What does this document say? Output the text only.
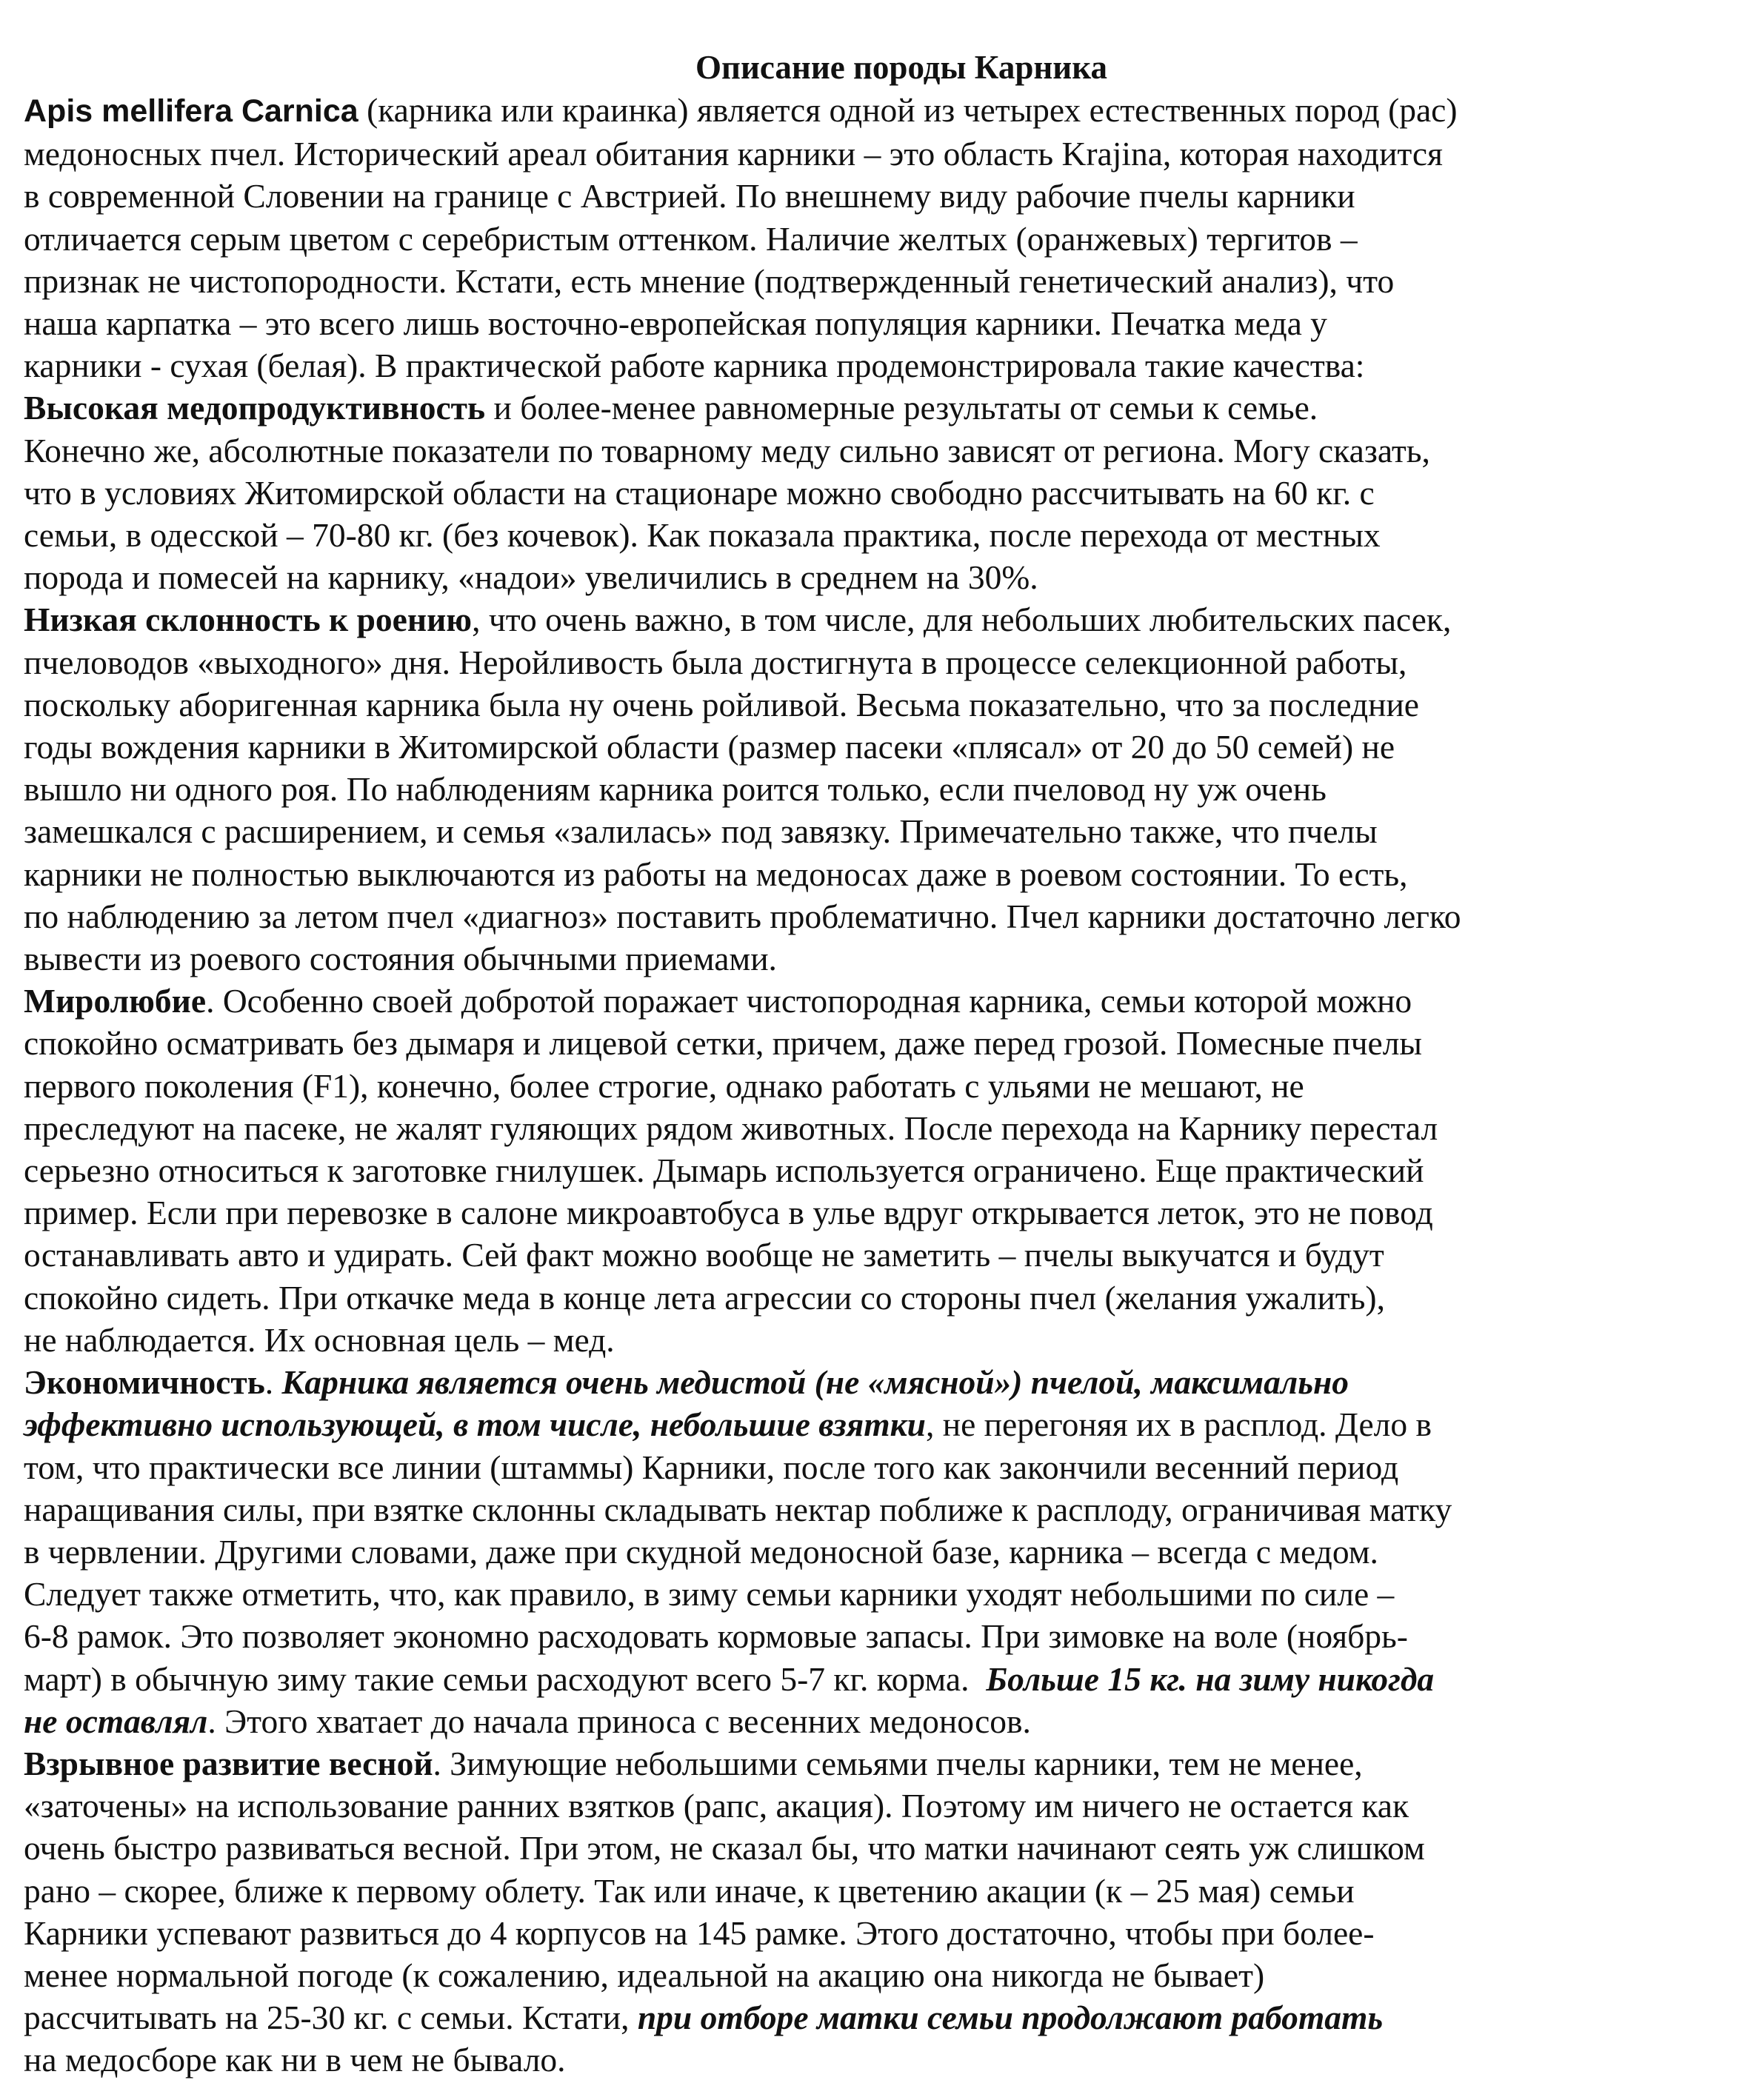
Описание породы Карника
Apis mellifera Carnica (карника или краинка) является одной из четырех естественных пород (рас)
медоносных пчел. Исторический ареал обитания карники – это область Krajina, которая находится
в современной Словении на границе с Австрией. По внешнему виду рабочие пчелы карники
отличается серым цветом с серебристым оттенком. Наличие желтых (оранжевых) тергитов –
признак не чистопородности. Кстати, есть мнение (подтвержденный генетический анализ), что
наша карпатка – это всего лишь восточно-европейская популяция карники. Печатка меда у
карники - сухая (белая). В практической работе карника продемонстрировала такие качества:
Высокая медопродуктивность и более-менее равномерные результаты от семьи к семье.
Конечно же, абсолютные показатели по товарному меду сильно зависят от региона. Могу сказать,
что в условиях Житомирской области на стационаре можно свободно рассчитывать на 60 кг. с
семьи, в одесской – 70-80 кг. (без кочевок). Как показала практика, после перехода от местных
порода и помесей на карнику, «надои» увеличились в среднем на 30%.
Низкая склонность к роению, что очень важно, в том числе, для небольших любительских пасек,
пчеловодов «выходного» дня. Неройливость была достигнута в процессе селекционной работы,
поскольку аборигенная карника была ну очень ройливой. Весьма показательно, что за последние
годы вождения карники в Житомирской области (размер пасеки «плясал» от 20 до 50 семей) не
вышло ни одного роя. По наблюдениям карника роится только, если пчеловод ну уж очень
замешкался с расширением, и семья «залилась» под завязку. Примечательно также, что пчелы
карники не полностью выключаются из работы на медоносах даже в роевом состоянии. То есть,
по наблюдению за летом пчел «диагноз» поставить проблематично. Пчел карники достаточно легко
вывести из роевого состояния обычными приемами.
Миролюбие. Особенно своей добротой поражает чистопородная карника, семьи которой можно
спокойно осматривать без дымаря и лицевой сетки, причем, даже перед грозой. Помесные пчелы
первого поколения (F1), конечно, более строгие, однако работать с ульями не мешают, не
преследуют на пасеке, не жалят гуляющих рядом животных. После перехода на Карнику перестал
серьезно относиться к заготовке гнилушек. Дымарь используется ограничено. Еще практический
пример. Если при перевозке в салоне микроавтобуса в улье вдруг открывается леток, это не повод
останавливать авто и удирать. Сей факт можно вообще не заметить – пчелы выкучатся и будут
спокойно сидеть. При откачке меда в конце лета агрессии со стороны пчел (желания ужалить),
не наблюдается. Их основная цель – мед.
Экономичность. Карника является очень медистой (не «мясной») пчелой, максимально
эффективно использующей, в том числе, небольшие взятки, не перегоняя их в расплод. Дело в
том, что практически все линии (штаммы) Карники, после того как закончили весенний период
наращивания силы, при взятке склонны складывать нектар поближе к расплоду, ограничивая матку
в червлении. Другими словами, даже при скудной медоносной базе, карника – всегда с медом.
Следует также отметить, что, как правило, в зиму семьи карники уходят небольшими по силе –
6-8 рамок. Это позволяет экономно расходовать кормовые запасы. При зимовке на воле (ноябрь-
март) в обычную зиму такие семьи расходуют всего 5-7 кг. корма.  Больше 15 кг. на зиму никогда
не оставлял. Этого хватает до начала приноса с весенних медоносов.
Взрывное развитие весной. Зимующие небольшими семьями пчелы карники, тем не менее,
«заточены» на использование ранних взятков (рапс, акация). Поэтому им ничего не остается как
очень быстро развиваться весной. При этом, не сказал бы, что матки начинают сеять уж слишком
рано – скорее, ближе к первому облету. Так или иначе, к цветению акации (к – 25 мая) семьи
Карники успевают развиться до 4 корпусов на 145 рамке. Этого достаточно, чтобы при более-
менее нормальной погоде (к сожалению, идеальной на акацию она никогда не бывает)
рассчитывать на 25-30 кг. с семьи. Кстати, при отборе матки семьи продолжают работать
на медосборе как ни в чем не бывало.
